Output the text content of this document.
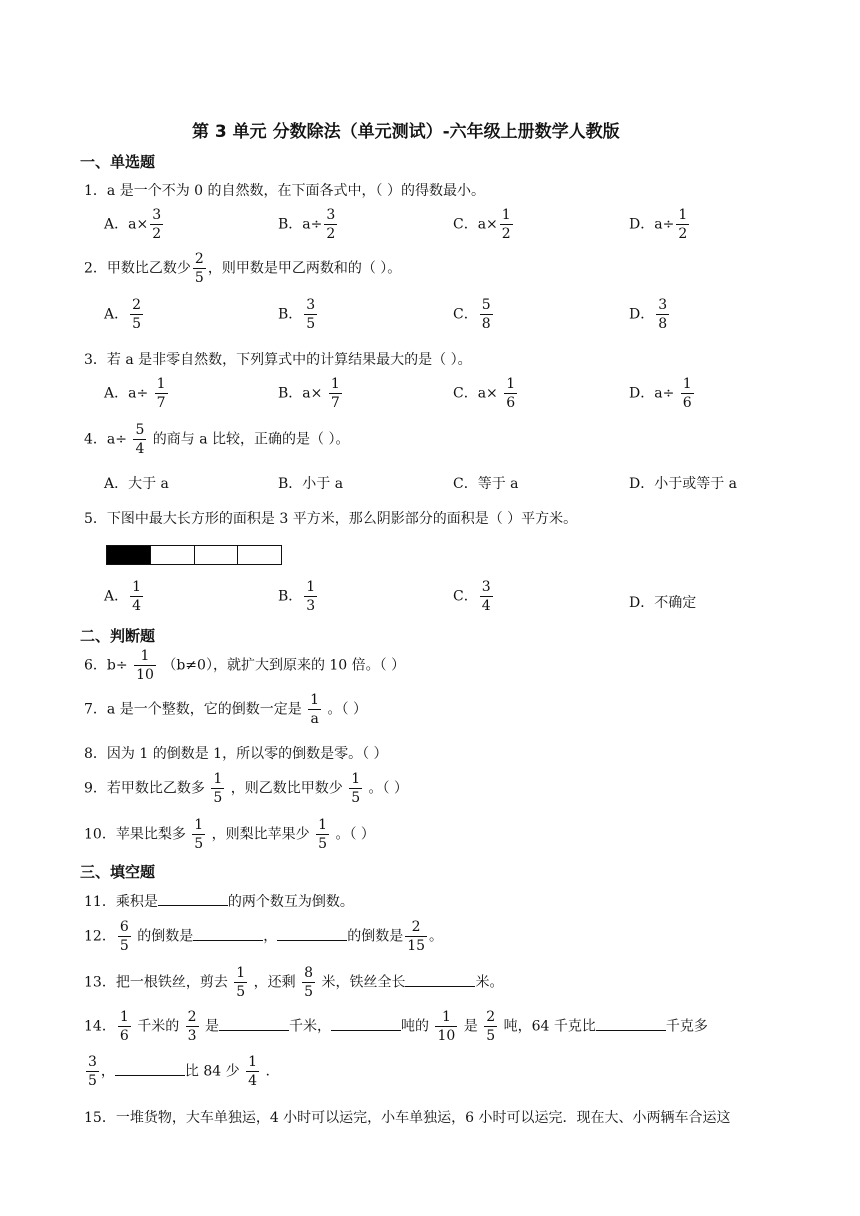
第 3 单元 分数除法（单元测试）-六年级上册数学人教版
一、单选题
1．a 是一个不为 0 的自然数，在下面各式中，（ ）的得数最小。
A．$a\times \frac{3}{2}$	B．$a\div \frac{3}{2}$	C．$a\times \frac{1}{2}$	D．$a\div \frac{1}{2}$
2．甲数比乙数少 $\frac{2}{5}$ ，则甲数是甲乙两数和的（ ）。
A． $\frac{2}{5}$	B． $\frac{3}{5}$	C． $\frac{5}{8}$	D． $\frac{3}{8}$
3．若 a 是非零自然数，下列算式中的计算结果最大的是（ ）。
A．$a\div \frac{1}{7}$	B．$a\times \frac{1}{7}$	C．$a\times \frac{1}{6}$	D．$a\div \frac{1}{6}$
4．$a\div \frac{5}{4}$ 的商与 a 比较，正确的是（ ）。
A．大于 a	B．小于 a	C．等于 a	D．小于或等于 a
5．下图中最大长方形的面积是 3 平方米，那么阴影部分的面积是（ ）平方米。
A． $\frac{1}{4}$	B． $\frac{1}{3}$	C． $\frac{3}{4}$	D．不确定
二、判断题
6．$b\div \frac{1}{10} (b\ne 0)$，就扩大到原来的 10 倍。（ ）
7．a 是一个整数，它的倒数一定是 $\frac{1}{a}$ 。（ ）
8．因为 1 的倒数是 1，所以零的倒数是零。（ ）
9．若甲数比乙数多 $\frac{1}{5}$ ，则乙数比甲数少 $\frac{1}{5}$ 。（ ）
10．苹果比梨多 $\frac{1}{5}$ ，则梨比苹果少 $\frac{1}{5}$ 。（ ）
三、填空题
11．乘积是	的两个数互为倒数。
12． $\frac{6}{5}$ 的倒数是	，	的倒数是 $\frac{2}{15}$ 。
13．把一根铁丝，剪去 $\frac{1}{5}$ ，还剩 $\frac{8}{5}$ 米，铁丝全长	米。
14． $\frac{1}{6}$ 千米的 $\frac{2}{3}$ 是	千米，	吨的 $\frac{1}{10}$ 是 $\frac{2}{5}$ 吨，64 千克比	千克多
$\frac{3}{5}$ ，	比 84 少 $\frac{1}{4}$ .
15．一堆货物，大车单独运，4 小时可以运完，小车单独运，6 小时可以运完．现在大、小两辆车合运这
